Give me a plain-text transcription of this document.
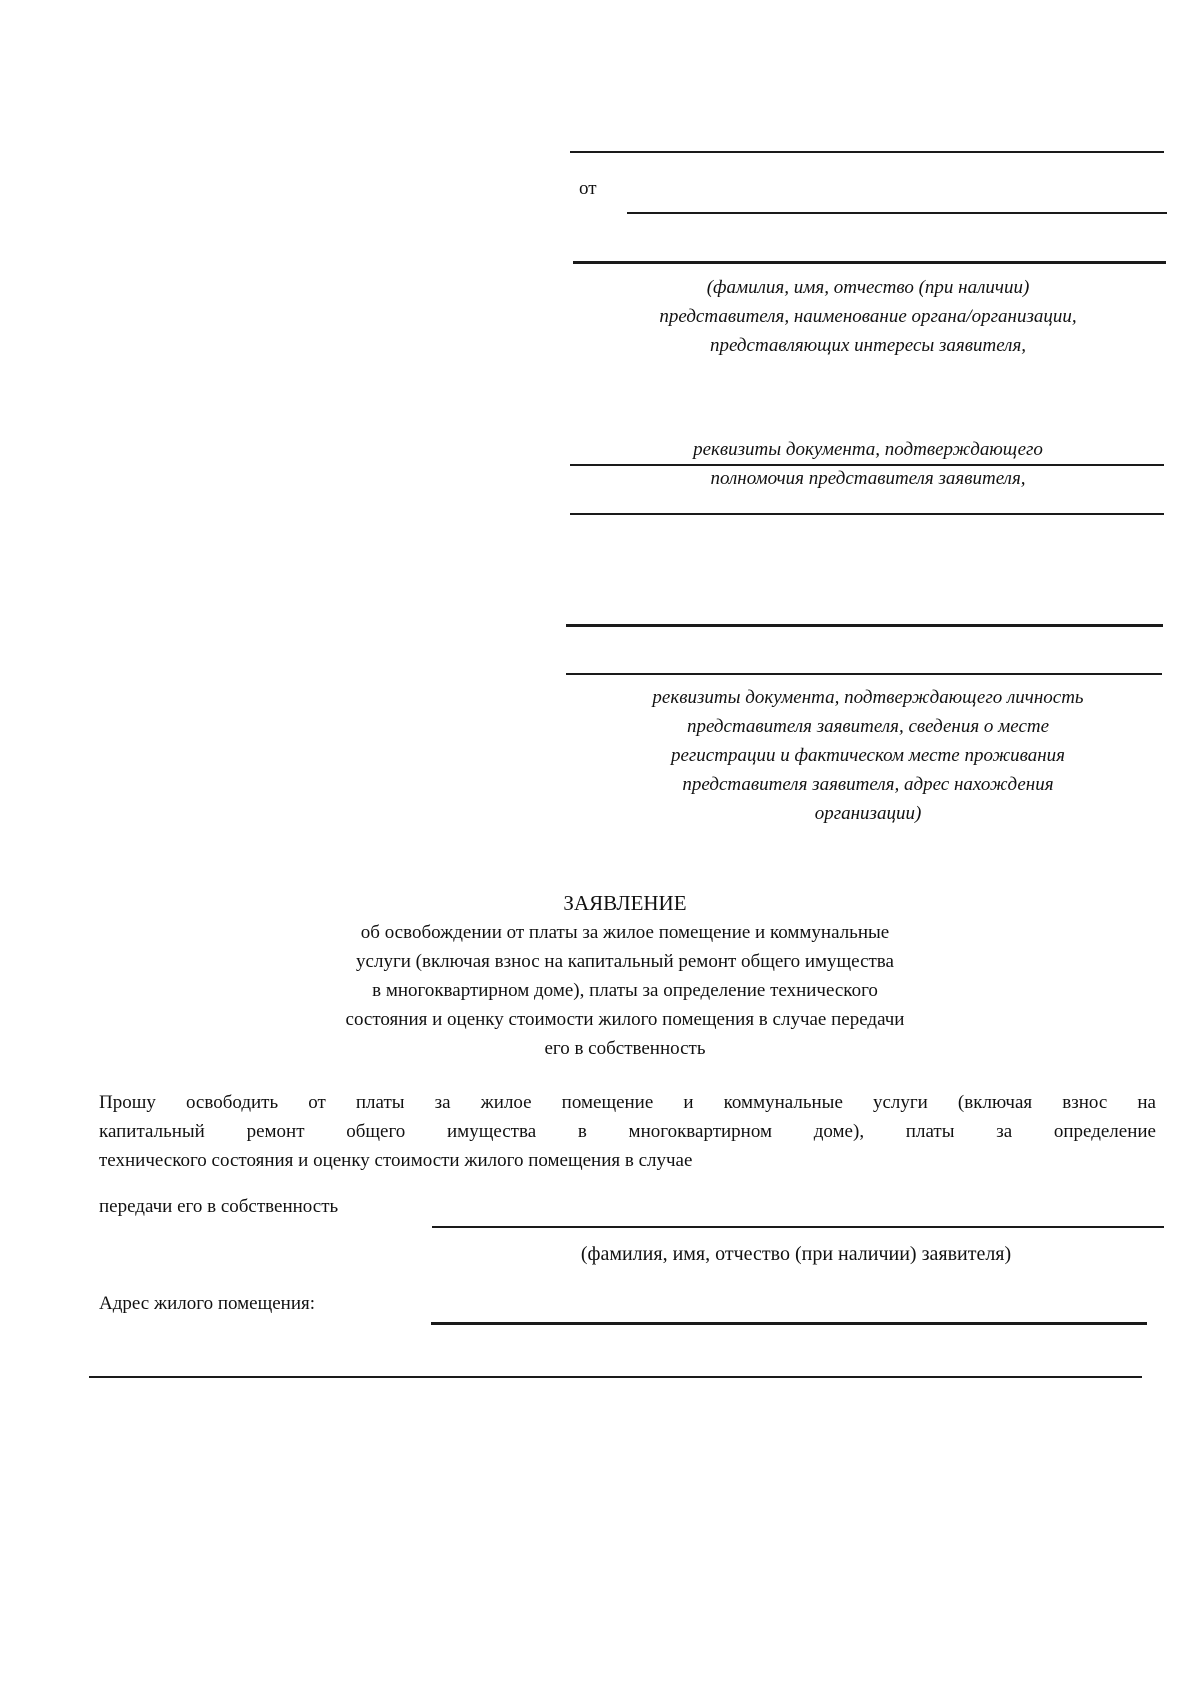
от
(фамилия, имя, отчество (при наличии)
представителя, наименование органа/организации,
представляющих интересы заявителя,
реквизиты документа, подтверждающего
полномочия представителя заявителя,
реквизиты документа, подтверждающего личность
представителя заявителя, сведения о месте
регистрации и фактическом месте проживания
представителя заявителя, адрес нахождения
организации)
ЗАЯВЛЕНИЕ
об освобождении от платы за жилое помещение и коммунальные
услуги (включая взнос на капитальный ремонт общего имущества
в многоквартирном доме), платы за определение технического
состояния и оценку стоимости жилого помещения в случае передачи
его в собственность
Прошу освободить от платы за жилое помещение и коммунальные услуги (включая взнос на
капитальный ремонт общего имущества в многоквартирном доме), платы за определение
технического состояния и оценку стоимости жилого помещения в случае
передачи его в собственность
(фамилия, имя, отчество (при наличии) заявителя)
Адрес жилого помещения:
